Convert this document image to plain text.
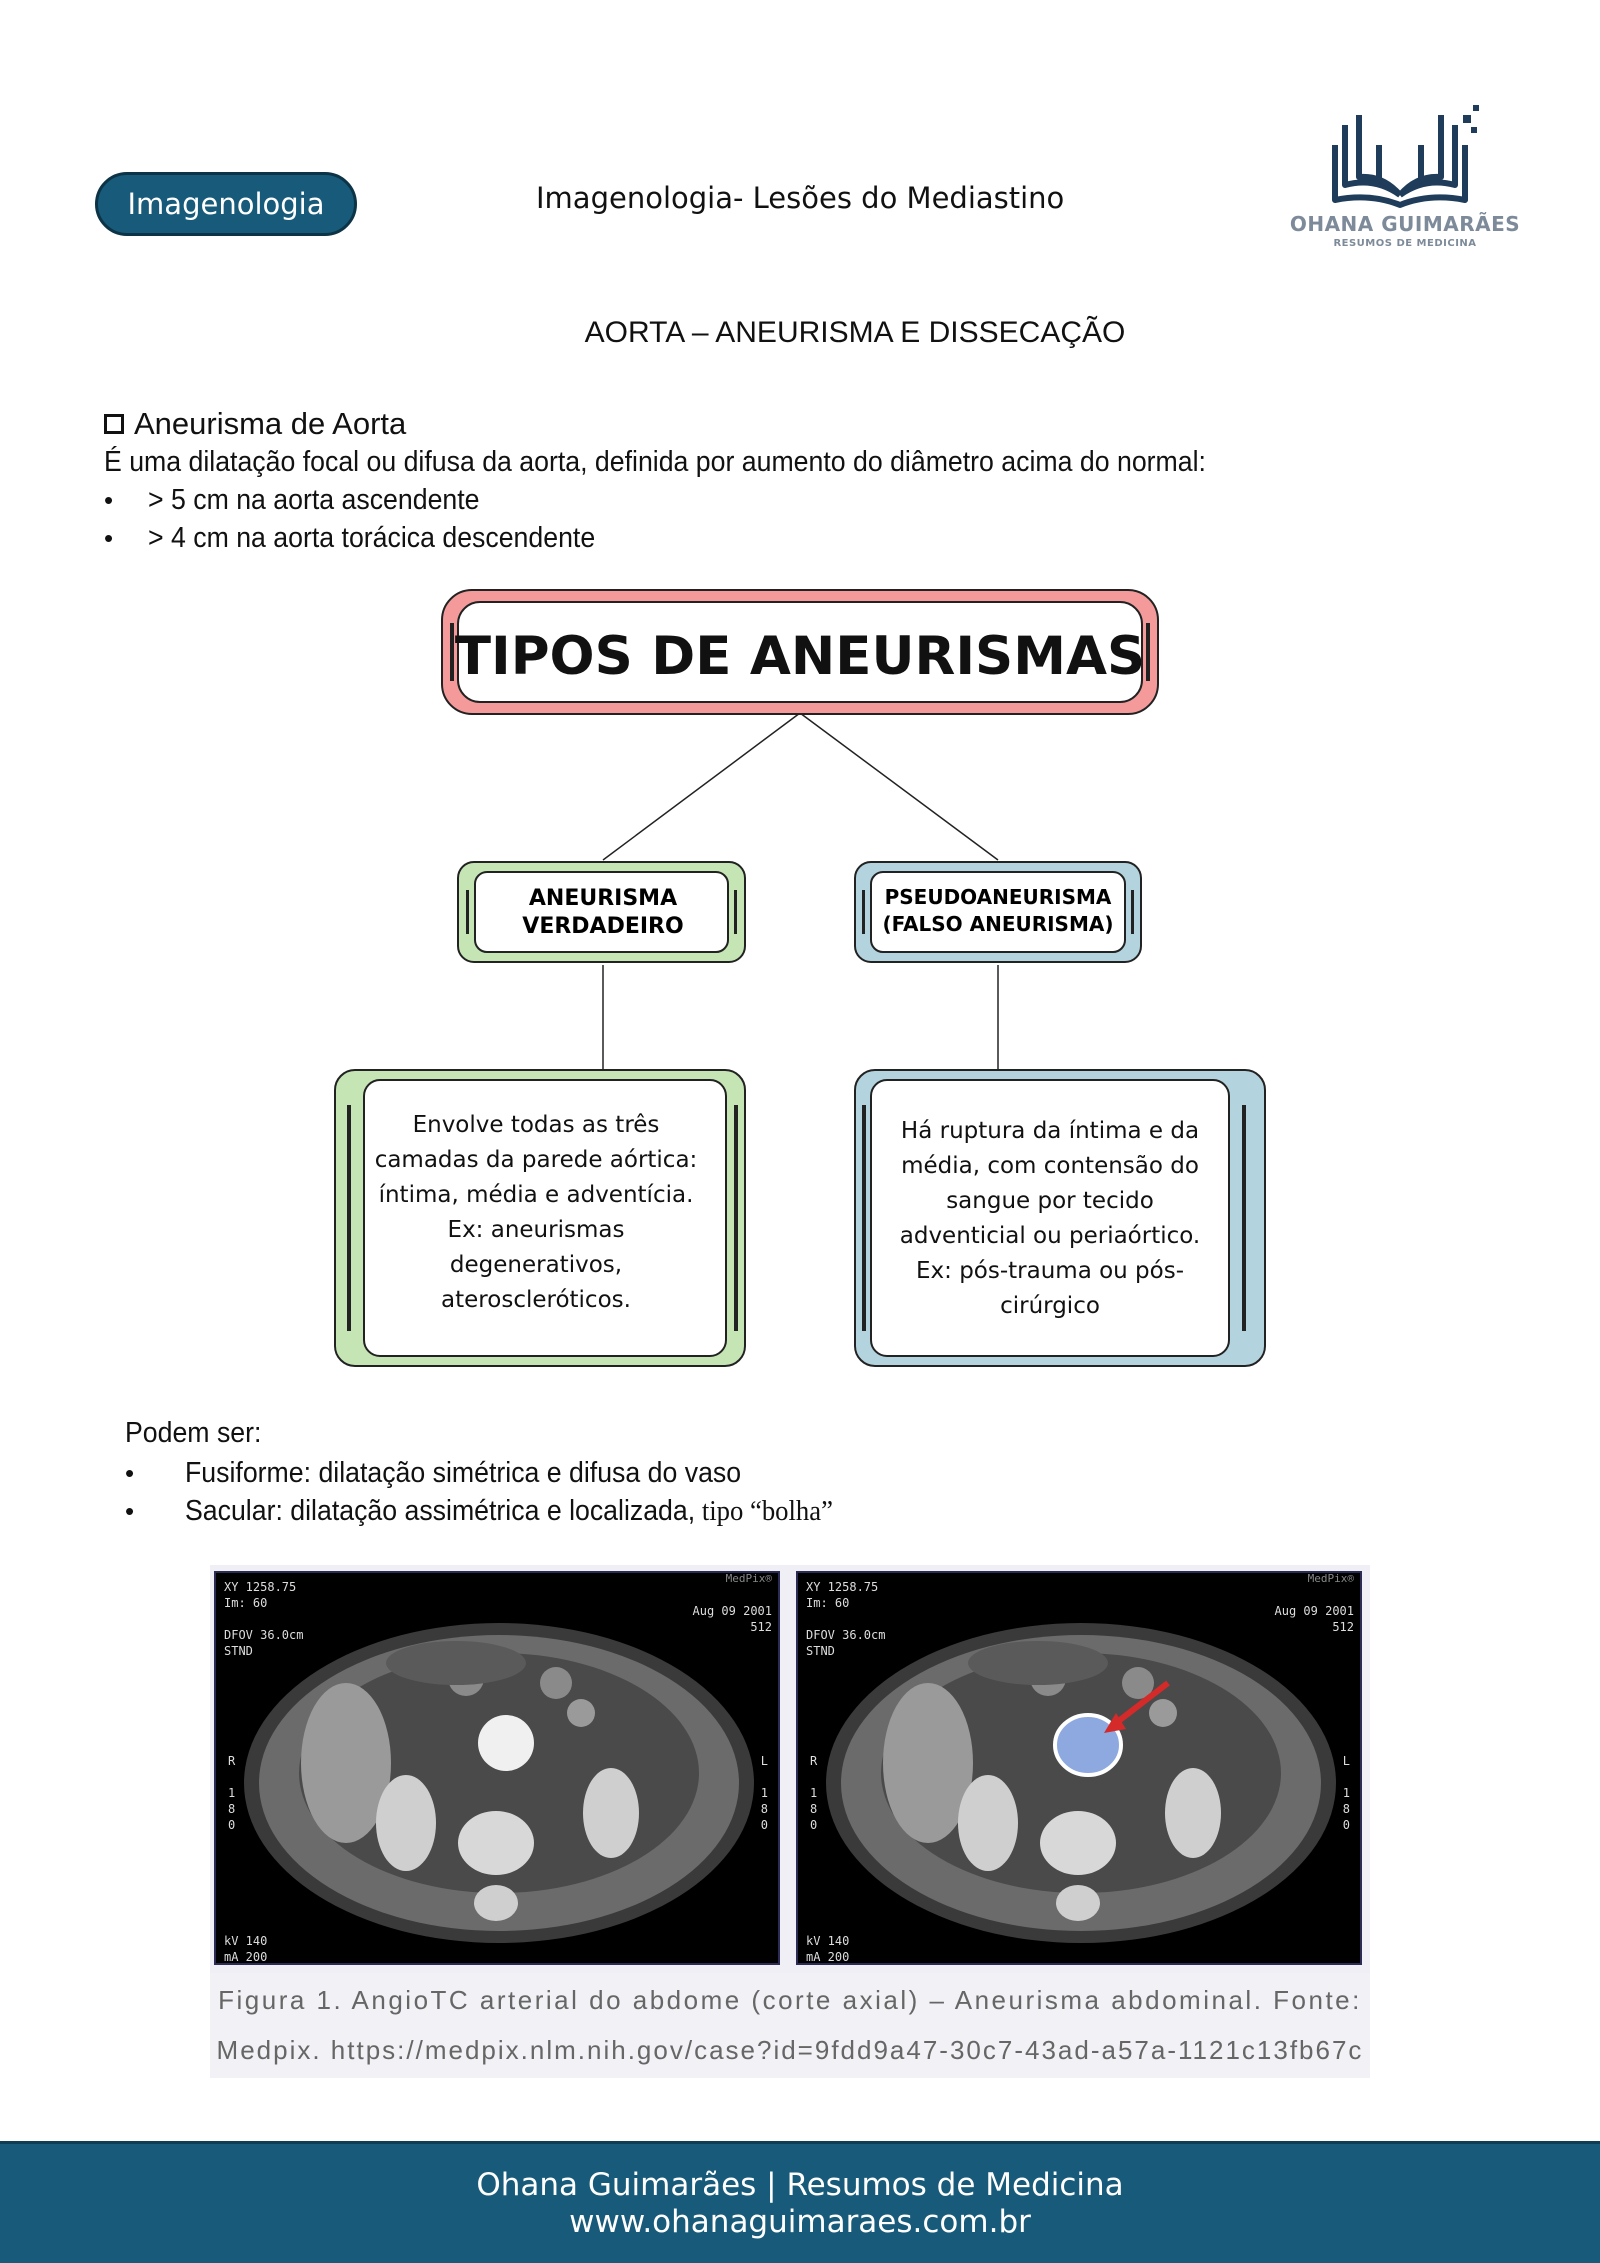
Imagenologia	Imagenologia- Lesões do Mediastino
OHANA GUIMARÃES
RESUMOS DE MEDICINA
AORTA – ANEURISMA E DISSECAÇÃO
Aneurisma de Aorta
É uma dilatação focal ou difusa da aorta, definida por aumento do diâmetro acima do normal:
•	> 5 cm na aorta ascendente
•	> 4 cm na aorta torácica descendente
TIPOS DE ANEURISMAS
ANEURISMA
VERDADEIRO
PSEUDOANEURISMA
(FALSO ANEURISMA)
Envolve todas as três
camadas da parede aórtica:
íntima, média e adventícia.
Ex: aneurismas
degenerativos,
ateroscleróticos.
Há ruptura da íntima e da
média, com contensão do
sangue por tecido
adventicial ou periaórtico.
Ex: pós-trauma ou pós-
cirúrgico
Podem ser:
•	Fusiforme: dilatação simétrica e difusa do vaso
•	Sacular: dilatação assimétrica e localizada, tipo “bolha”
XY 1258.75
Im: 60

DFOV 36.0cm
STND
Aug 09 2001
512
MedPix®
R

1
8
0
L

1
8
0
kV 140
mA 200
XY 1258.75
Im: 60

DFOV 36.0cm
STND
Aug 09 2001
512
MedPix®
R

1
8
0
L

1
8
0
kV 140
mA 200
Figura 1. AngioTC arterial do abdome (corte axial) – Aneurisma abdominal. Fonte:
Medpix. https://medpix.nlm.nih.gov/case?id=9fdd9a47-30c7-43ad-a57a-1121c13fb67c
Ohana Guimarães | Resumos de Medicina
www.ohanaguimaraes.com.br
